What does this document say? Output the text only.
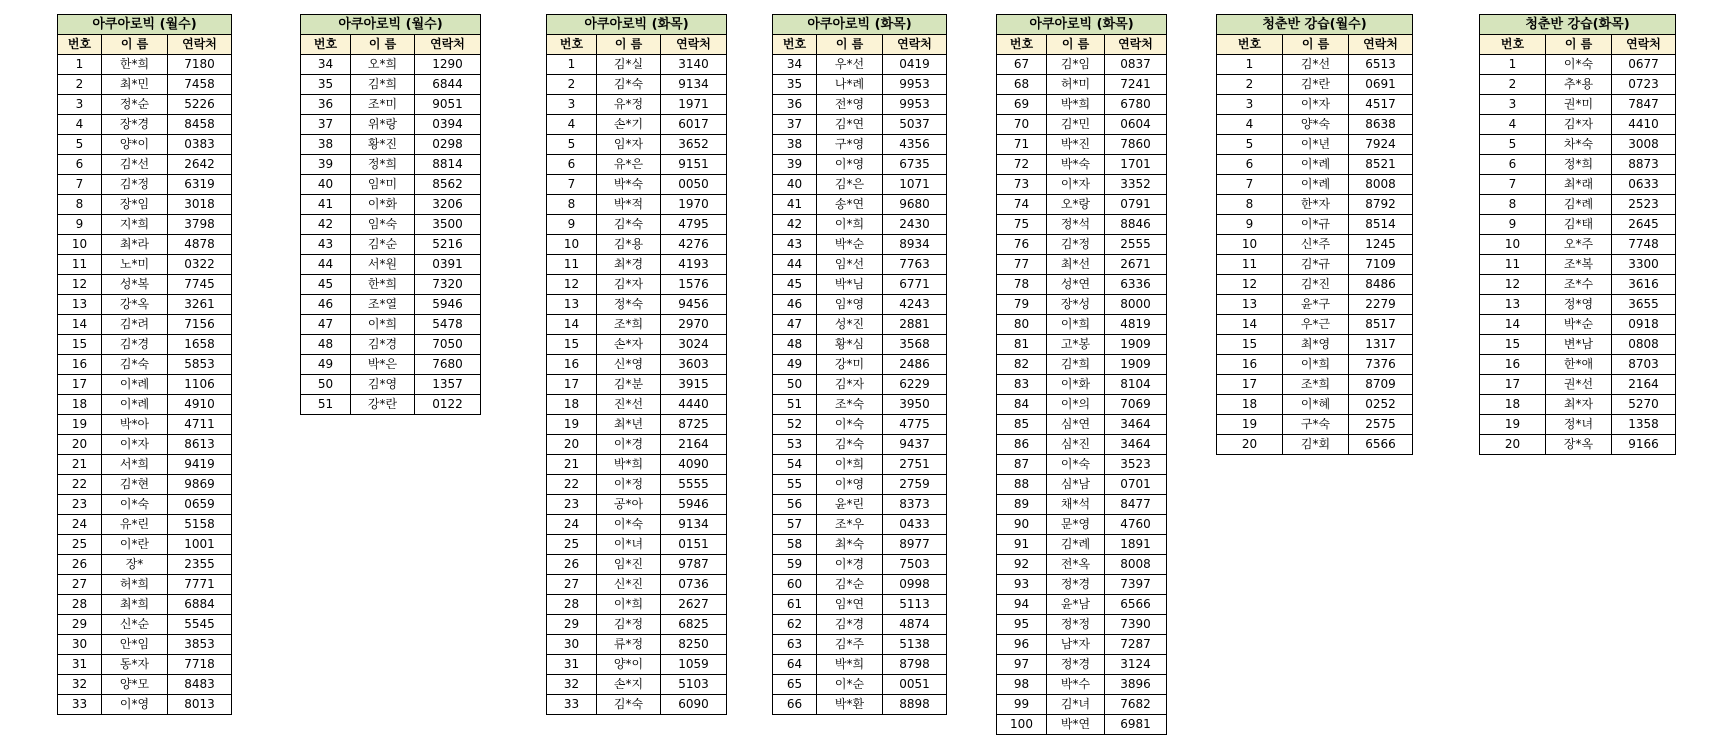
아쿠아로빅 (월수)		
번호	이 름	연락처
1	한*희	7180
2	최*민	7458
3	정*순	5226
4	장*경	8458
5	양*이	0383
6	김*선	2642
7	김*정	6319
8	장*임	3018
9	지*희	3798
10	최*라	4878
11	노*미	0322
12	성*복	7745
13	강*옥	3261
14	김*려	7156
15	김*경	1658
16	김*숙	5853
17	이*례	1106
18	이*례	4910
19	박*아	4711
20	이*자	8613
21	서*희	9419
22	김*현	9869
23	이*숙	0659
24	유*린	5158
25	이*란	1001
26	장*	2355
27	허*희	7771
28	최*희	6884
29	신*순	5545
30	안*임	3853
31	동*자	7718
32	양*모	8483
33	이*영	8013
아쿠아로빅 (월수)		
번호	이 름	연락처
34	오*희	1290
35	김*희	6844
36	조*미	9051
37	위*랑	0394
38	황*진	0298
39	정*희	8814
40	임*미	8562
41	이*화	3206
42	임*숙	3500
43	김*순	5216
44	서*원	0391
45	한*희	7320
46	조*열	5946
47	이*희	5478
48	김*경	7050
49	박*은	7680
50	김*영	1357
51	강*란	0122
아쿠아로빅 (화목)		
번호	이 름	연락처
1	김*실	3140
2	김*숙	9134
3	유*정	1971
4	손*기	6017
5	임*자	3652
6	유*은	9151
7	박*숙	0050
8	박*적	1970
9	김*숙	4795
10	김*용	4276
11	최*경	4193
12	김*자	1576
13	정*숙	9456
14	조*희	2970
15	손*자	3024
16	신*영	3603
17	김*분	3915
18	진*선	4440
19	최*년	8725
20	이*경	2164
21	박*희	4090
22	이*정	5555
23	공*아	5946
24	이*숙	9134
25	이*녀	0151
26	임*진	9787
27	신*진	0736
28	이*희	2627
29	김*정	6825
30	류*정	8250
31	양*이	1059
32	손*지	5103
33	김*숙	6090
아쿠아로빅 (화목)		
번호	이 름	연락처
34	우*선	0419
35	나*례	9953
36	전*영	9953
37	김*연	5037
38	구*영	4356
39	이*영	6735
40	김*은	1071
41	송*연	9680
42	이*희	2430
43	박*순	8934
44	임*선	7763
45	박*님	6771
46	임*영	4243
47	성*진	2881
48	황*심	3568
49	강*미	2486
50	김*자	6229
51	조*숙	3950
52	이*숙	4775
53	김*숙	9437
54	이*희	2751
55	이*영	2759
56	윤*린	8373
57	조*우	0433
58	최*숙	8977
59	이*경	7503
60	김*순	0998
61	임*연	5113
62	김*경	4874
63	김*주	5138
64	박*희	8798
65	이*순	0051
66	박*환	8898
아쿠아로빅 (화목)		
번호	이 름	연락처
67	김*임	0837
68	허*미	7241
69	박*희	6780
70	김*민	0604
71	박*진	7860
72	박*숙	1701
73	이*자	3352
74	오*랑	0791
75	정*석	8846
76	김*정	2555
77	최*선	2671
78	성*연	6336
79	장*성	8000
80	이*희	4819
81	고*봉	1909
82	김*희	1909
83	이*화	8104
84	이*의	7069
85	심*연	3464
86	심*진	3464
87	이*숙	3523
88	심*남	0701
89	채*석	8477
90	문*영	4760
91	김*례	1891
92	전*옥	8008
93	정*경	7397
94	윤*남	6566
95	정*정	7390
96	남*자	7287
97	정*경	3124
98	박*수	3896
99	김*녀	7682
100	박*연	6981
청춘반 강습(월수)		
번호	이 름	연락처
1	김*선	6513
2	김*란	0691
3	이*자	4517
4	양*숙	8638
5	이*년	7924
6	이*례	8521
7	이*례	8008
8	한*자	8792
9	이*규	8514
10	신*주	1245
11	김*규	7109
12	김*진	8486
13	윤*구	2279
14	우*근	8517
15	최*영	1317
16	이*희	7376
17	조*희	8709
18	이*혜	0252
19	구*숙	2575
20	김*회	6566
청춘반 강습(화목)		
번호	이 름	연락처
1	이*숙	0677
2	추*용	0723
3	권*미	7847
4	김*자	4410
5	차*숙	3008
6	정*희	8873
7	최*래	0633
8	김*례	2523
9	김*태	2645
10	오*주	7748
11	조*복	3300
12	조*수	3616
13	정*영	3655
14	박*순	0918
15	변*남	0808
16	한*애	8703
17	권*선	2164
18	최*자	5270
19	정*녀	1358
20	장*옥	9166
